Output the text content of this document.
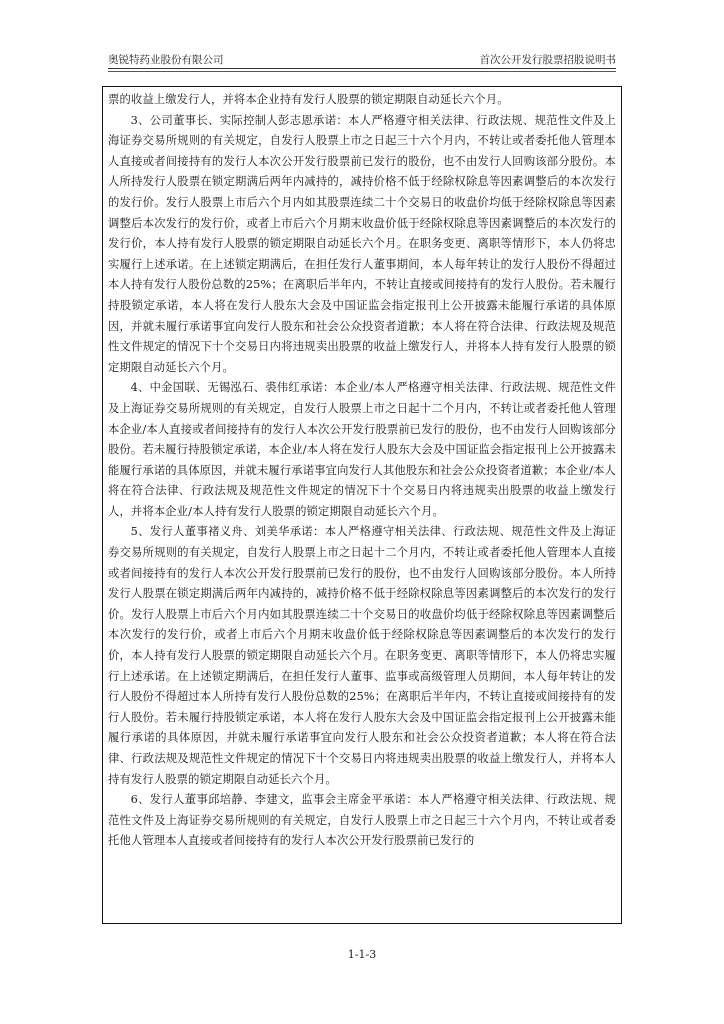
奥锐特药业股份有限公司	首次公开发行股票招股说明书

票的收益上缴发行人，并将本企业持有发行人股票的锁定期限自动延长六个月。

3、公司董事长、实际控制人彭志恩承诺：本人严格遵守相关法律、行政法规、规范性文件及上海证券交易所规则的有关规定，自发行人股票上市之日起三十六个月内，不转让或者委托他人管理本人直接或者间接持有的发行人本次公开发行股票前已发行的股份，也不由发行人回购该部分股份。本人所持发行人股票在锁定期满后两年内减持的，减持价格不低于经除权除息等因素调整后的本次发行的发行价。发行人股票上市后六个月内如其股票连续二十个交易日的收盘价均低于经除权除息等因素调整后本次发行的发行价，或者上市后六个月期末收盘价低于经除权除息等因素调整后的本次发行的发行价，本人持有发行人股票的锁定期限自动延长六个月。在职务变更、离职等情形下，本人仍将忠实履行上述承诺。在上述锁定期满后，在担任发行人董事期间，本人每年转让的发行人股份不得超过本人持有发行人股份总数的25%；在离职后半年内，不转让直接或间接持有的发行人股份。若未履行持股锁定承诺，本人将在发行人股东大会及中国证监会指定报刊上公开披露未能履行承诺的具体原因，并就未履行承诺事宜向发行人股东和社会公众投资者道歉；本人将在符合法律、行政法规及规范性文件规定的情况下十个交易日内将违规卖出股票的收益上缴发行人，并将本人持有发行人股票的锁定期限自动延长六个月。

4、中金国联、无锡泓石、裘伟红承诺：本企业/本人严格遵守相关法律、行政法规、规范性文件及上海证券交易所规则的有关规定，自发行人股票上市之日起十二个月内，不转让或者委托他人管理本企业/本人直接或者间接持有的发行人本次公开发行股票前已发行的股份，也不由发行人回购该部分股份。若未履行持股锁定承诺，本企业/本人将在发行人股东大会及中国证监会指定报刊上公开披露未能履行承诺的具体原因，并就未履行承诺事宜向发行人其他股东和社会公众投资者道歉；本企业/本人将在符合法律、行政法规及规范性文件规定的情况下十个交易日内将违规卖出股票的收益上缴发行人，并将本企业/本人持有发行人股票的锁定期限自动延长六个月。

5、发行人董事褚义舟、刘美华承诺：本人严格遵守相关法律、行政法规、规范性文件及上海证券交易所规则的有关规定，自发行人股票上市之日起十二个月内，不转让或者委托他人管理本人直接或者间接持有的发行人本次公开发行股票前已发行的股份，也不由发行人回购该部分股份。本人所持发行人股票在锁定期满后两年内减持的，减持价格不低于经除权除息等因素调整后的本次发行的发行价。发行人股票上市后六个月内如其股票连续二十个交易日的收盘价均低于经除权除息等因素调整后本次发行的发行价，或者上市后六个月期末收盘价低于经除权除息等因素调整后的本次发行的发行价，本人持有发行人股票的锁定期限自动延长六个月。在职务变更、离职等情形下，本人仍将忠实履行上述承诺。在上述锁定期满后，在担任发行人董事、监事或高级管理人员期间，本人每年转让的发行人股份不得超过本人所持有发行人股份总数的25%；在离职后半年内，不转让直接或间接持有的发行人股份。若未履行持股锁定承诺，本人将在发行人股东大会及中国证监会指定报刊上公开披露未能履行承诺的具体原因，并就未履行承诺事宜向发行人股东和社会公众投资者道歉；本人将在符合法律、行政法规及规范性文件规定的情况下十个交易日内将违规卖出股票的收益上缴发行人，并将本人持有发行人股票的锁定期限自动延长六个月。

6、发行人董事邱培静、李建文，监事会主席金平承诺：本人严格遵守相关法律、行政法规、规范性文件及上海证券交易所规则的有关规定，自发行人股票上市之日起三十六个月内，不转让或者委托他人管理本人直接或者间接持有的发行人本次公开发行股票前已发行的

1-1-3
